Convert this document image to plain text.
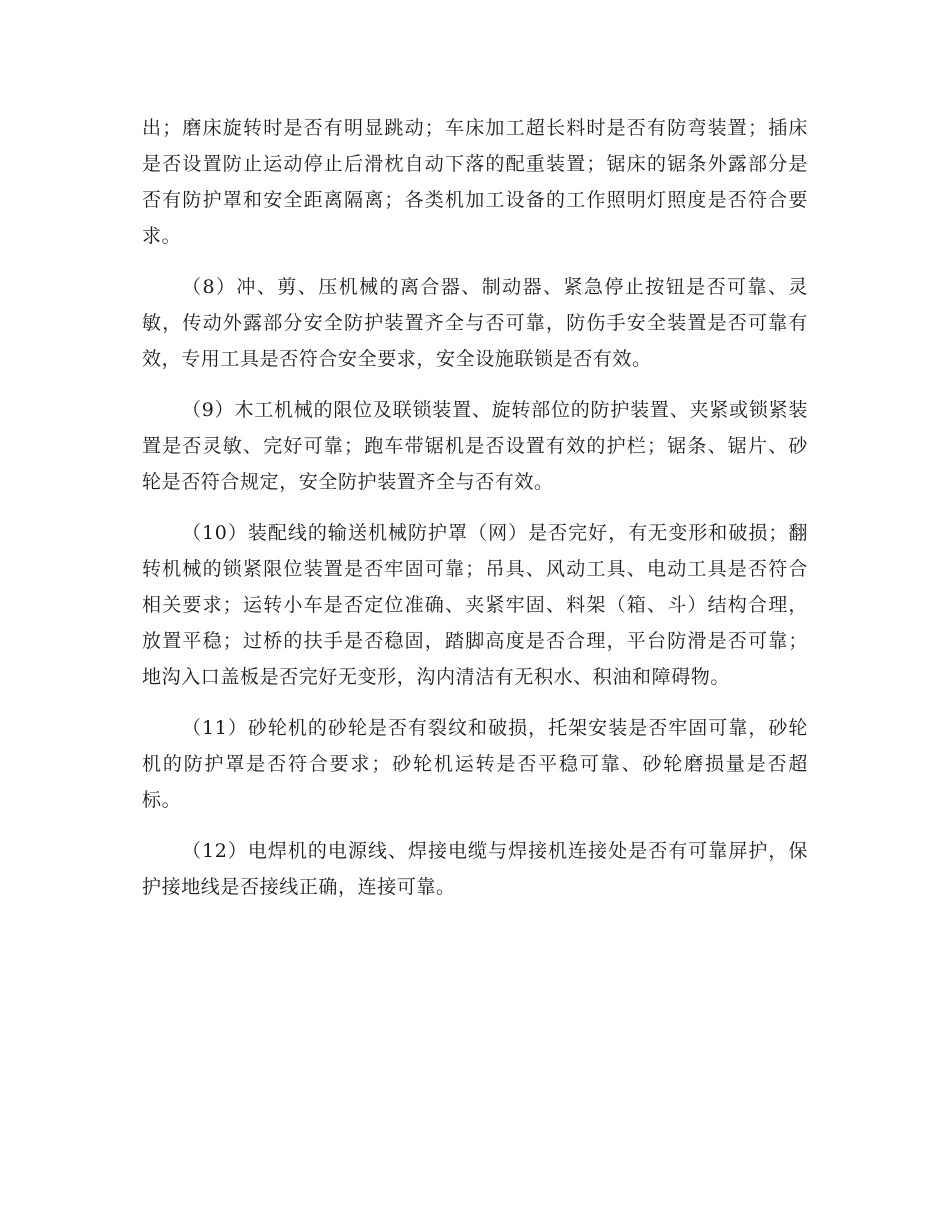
出；磨床旋转时是否有明显跳动；车床加工超长料时是否有防弯装置；插床是否设置防止运动停止后滑枕自动下落的配重装置；锯床的锯条外露部分是否有防护罩和安全距离隔离；各类机加工设备的工作照明灯照度是否符合要求。

（8）冲、剪、压机械的离合器、制动器、紧急停止按钮是否可靠、灵敏，传动外露部分安全防护装置齐全与否可靠，防伤手安全装置是否可靠有效，专用工具是否符合安全要求，安全设施联锁是否有效。

（9）木工机械的限位及联锁装置、旋转部位的防护装置、夹紧或锁紧装置是否灵敏、完好可靠；跑车带锯机是否设置有效的护栏；锯条、锯片、砂轮是否符合规定，安全防护装置齐全与否有效。

（10）装配线的输送机械防护罩（网）是否完好，有无变形和破损；翻转机械的锁紧限位装置是否牢固可靠；吊具、风动工具、电动工具是否符合相关要求；运转小车是否定位准确、夹紧牢固、料架（箱、斗）结构合理，放置平稳；过桥的扶手是否稳固，踏脚高度是否合理，平台防滑是否可靠；地沟入口盖板是否完好无变形，沟内清洁有无积水、积油和障碍物。

（11）砂轮机的砂轮是否有裂纹和破损，托架安装是否牢固可靠，砂轮机的防护罩是否符合要求；砂轮机运转是否平稳可靠、砂轮磨损量是否超标。

（12）电焊机的电源线、焊接电缆与焊接机连接处是否有可靠屏护，保护接地线是否接线正确，连接可靠。
